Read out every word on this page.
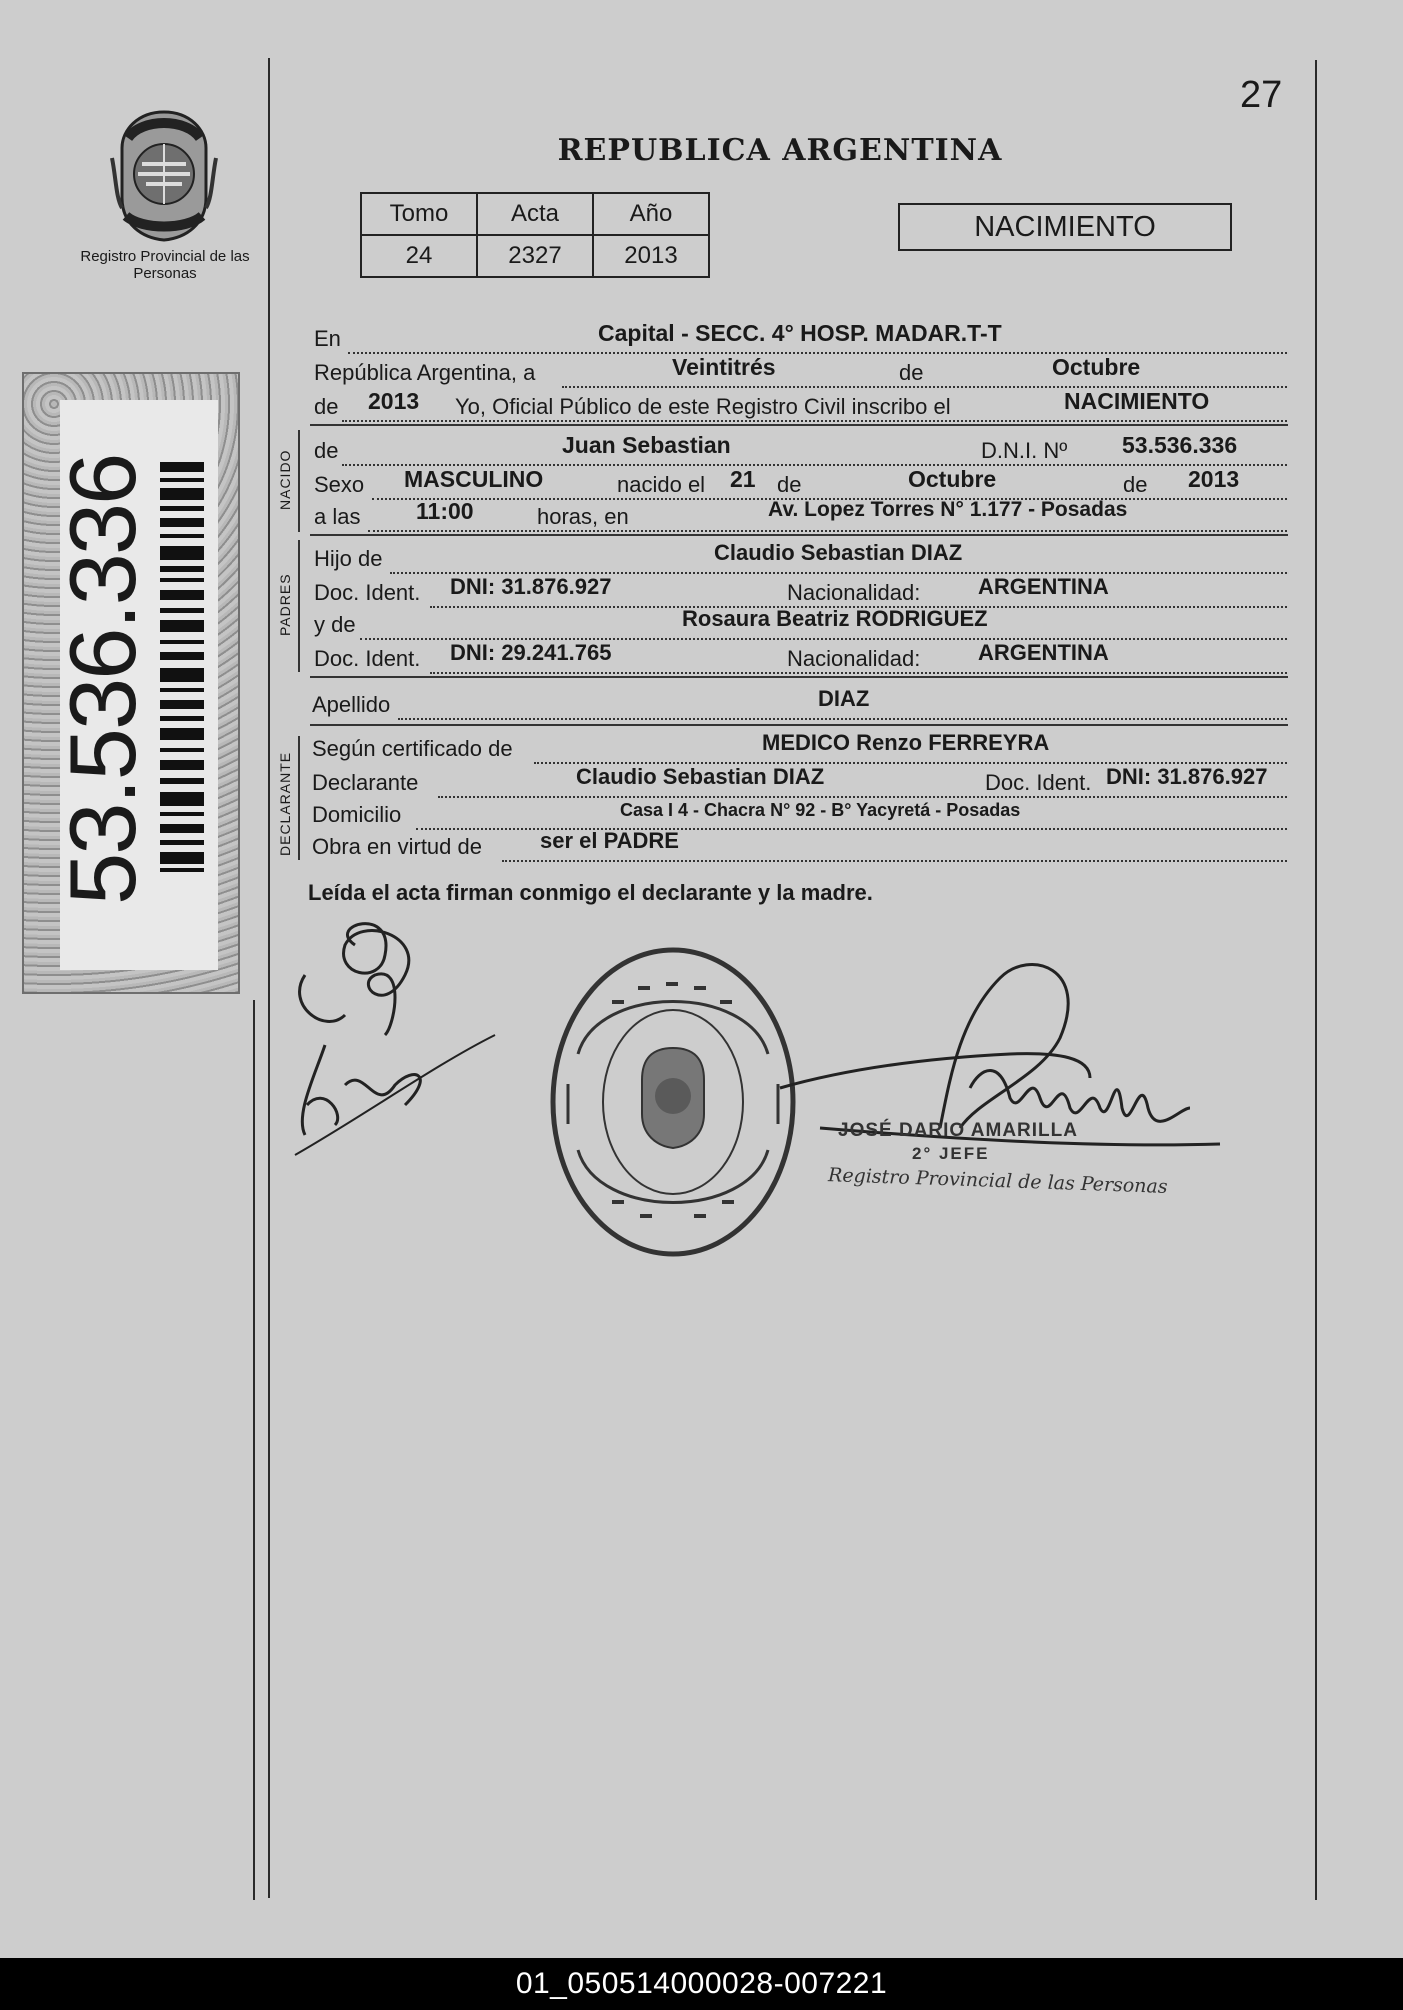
27
Registro Provincial de las Personas
53.536.336
REPUBLICA ARGENTINA
Tomo	Acta	Año
24	2327	2013
NACIMIENTO
En	Capital - SECC. 4° HOSP. MADAR.T-T
República Argentina, a	Veintitrés	de	Octubre
de 2013 Yo, Oficial Público de este Registro Civil inscribo el	NACIMIENTO
NACIDO de	Juan Sebastian	D.N.I. Nº 53.536.336
Sexo MASCULINO	nacido el 21 de	Octubre	de 2013
a las 11:00	horas, en	Av. Lopez Torres N° 1.177 - Posadas
PADRES
Hijo de	Claudio Sebastian DIAZ
Doc. Ident. DNI: 31.876.927	Nacionalidad:	ARGENTINA
y de	Rosaura Beatriz RODRIGUEZ
Doc. Ident. DNI: 29.241.765	Nacionalidad:	ARGENTINA
Apellido	DIAZ
DECLARANTE
Según certificado de	MEDICO Renzo FERREYRA
Declarante	Claudio Sebastian DIAZ	Doc. Ident. DNI: 31.876.927
Domicilio	Casa I 4 - Chacra N° 92 - B° Yacyretá - Posadas
Obra en virtud de	ser el PADRE
Leída el acta firman conmigo el declarante y la madre.
JOSÉ DARIO AMARILLA
2° JEFE
Registro Provincial de las Personas
01_050514000028-007221
